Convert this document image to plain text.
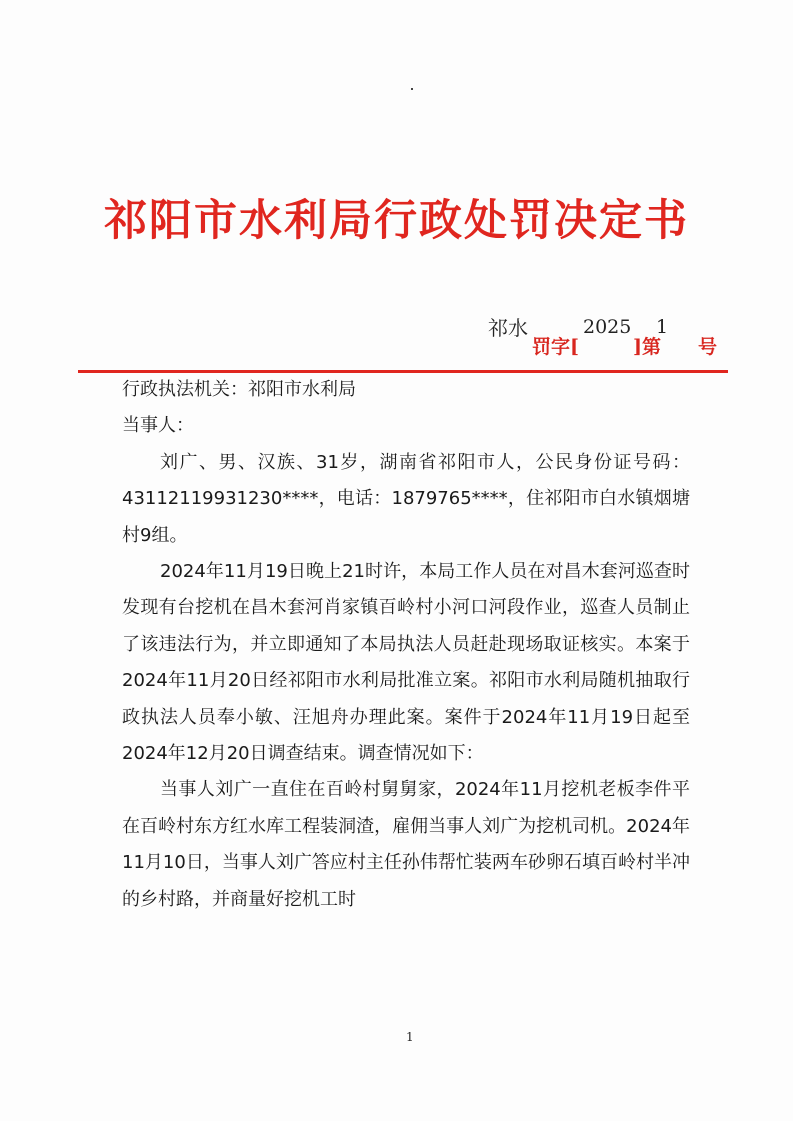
祁阳市水利局行政处罚决定书
祁水
罚字[
2025
]第
1
号

行政执法机关：祁阳市水利局

当事人：

刘广、男、汉族、31岁，湖南省祁阳市人，公民身份证号码：43112119931230****，电话：1879765****，住祁阳市白水镇烟塘村9组。

2024年11月19日晚上21时许，本局工作人员在对昌木套河巡查时发现有台挖机在昌木套河肖家镇百岭村小河口河段作业，巡查人员制止了该违法行为，并立即通知了本局执法人员赶赴现场取证核实。本案于2024年11月20日经祁阳市水利局批准立案。祁阳市水利局随机抽取行政执法人员奉小敏、汪旭舟办理此案。案件于2024年11月19日起至2024年12月20日调查结束。调查情况如下：

当事人刘广一直住在百岭村舅舅家，2024年11月挖机老板李件平在百岭村东方红水库工程装洞渣，雇佣当事人刘广为挖机司机。2024年11月10日，当事人刘广答应村主任孙伟帮忙装两车砂卵石填百岭村半冲的乡村路，并商量好挖机工时

1
